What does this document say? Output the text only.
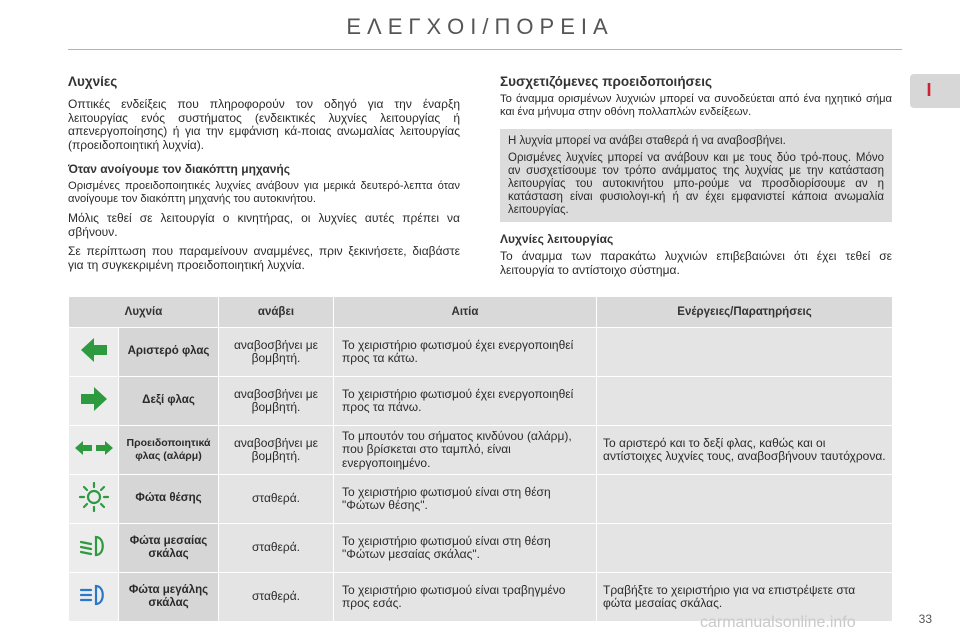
ΕΛΕΓΧΟΙ/ΠΟΡΕΙΑ
I
Λυχνίες

Οπτικές ενδείξεις που πληροφορούν τον οδηγό για την έναρξη λειτουργίας ενός συστήματος (ενδεικτικές λυχνίες λειτουργίας ή απενεργοποίησης) ή για την εμφάνιση κά-ποιας ανωμαλίας λειτουργίας (προειδοποιητική λυχνία).

Όταν ανοίγουμε τον διακόπτη μηχανής

Ορισμένες προειδοποιητικές λυχνίες ανάβουν για μερικά δευτερό-λεπτα όταν ανοίγουμε τον διακόπτη μηχανής του αυτοκινήτου.

Μόλις τεθεί σε λειτουργία ο κινητήρας, οι λυχνίες αυτές πρέπει να σβήνουν.

Σε περίπτωση που παραμείνουν αναμμένες, πριν ξεκινήσετε, διαβάστε για τη συγκεκριμένη προειδοποιητική λυχνία.

Συσχετιζόμενες προειδοποιήσεις

Το άναμμα ορισμένων λυχνιών μπορεί να συνοδεύεται από ένα ηχητικό σήμα και ένα μήνυμα στην οθόνη πολλαπλών ενδείξεων.

Η λυχνία μπορεί να ανάβει σταθερά ή να αναβοσβήνει.

Ορισμένες λυχνίες μπορεί να ανάβουν και με τους δύο τρό-πους. Μόνο αν συσχετίσουμε τον τρόπο ανάμματος της λυχνίας με την κατάσταση λειτουργίας του αυτοκινήτου μπο-ρούμε να προσδιορίσουμε αν η κατάσταση είναι φυσιολογι-κή ή αν έχει εμφανιστεί κάποια ανωμαλία λειτουργίας.

Λυχνίες λειτουργίας

Το άναμμα των παρακάτω λυχνιών επιβεβαιώνει ότι έχει τεθεί σε λειτουργία το αντίστοιχο σύστημα.

Λυχνία		ανάβει	Αιτία	Ενέργειες/Παρατηρήσεις
	Αριστερό φλας	αναβοσβήνει με βομβητή.	Το χειριστήριο φωτισμού έχει ενεργοποιηθεί προς τα κάτω.	
	Δεξί φλας	αναβοσβήνει με βομβητή.	Το χειριστήριο φωτισμού έχει ενεργοποιηθεί προς τα πάνω.	
	Προειδοποιητικά φλας (αλάρμ)	αναβοσβήνει με βομβητή.	Το μπουτόν του σήματος κινδύνου (αλάρμ), που βρίσκεται στο ταμπλό, είναι ενεργοποιημένο.	Το αριστερό και το δεξί φλας, καθώς και οι αντίστοιχες λυχνίες τους, αναβοσβήνουν ταυτόχρονα.
	Φώτα θέσης	σταθερά.	Το χειριστήριο φωτισμού είναι στη θέση "Φώτων θέσης".	
	Φώτα μεσαίας σκάλας	σταθερά.	Το χειριστήριο φωτισμού είναι στη θέση "Φώτων μεσαίας σκάλας".	
	Φώτα μεγάλης σκάλας	σταθερά.	Το χειριστήριο φωτισμού είναι τραβηγμένο προς εσάς.	Τραβήξτε το χειριστήριο για να επιστρέψετε στα φώτα μεσαίας σκάλας.
carmanualsonline.info	33
